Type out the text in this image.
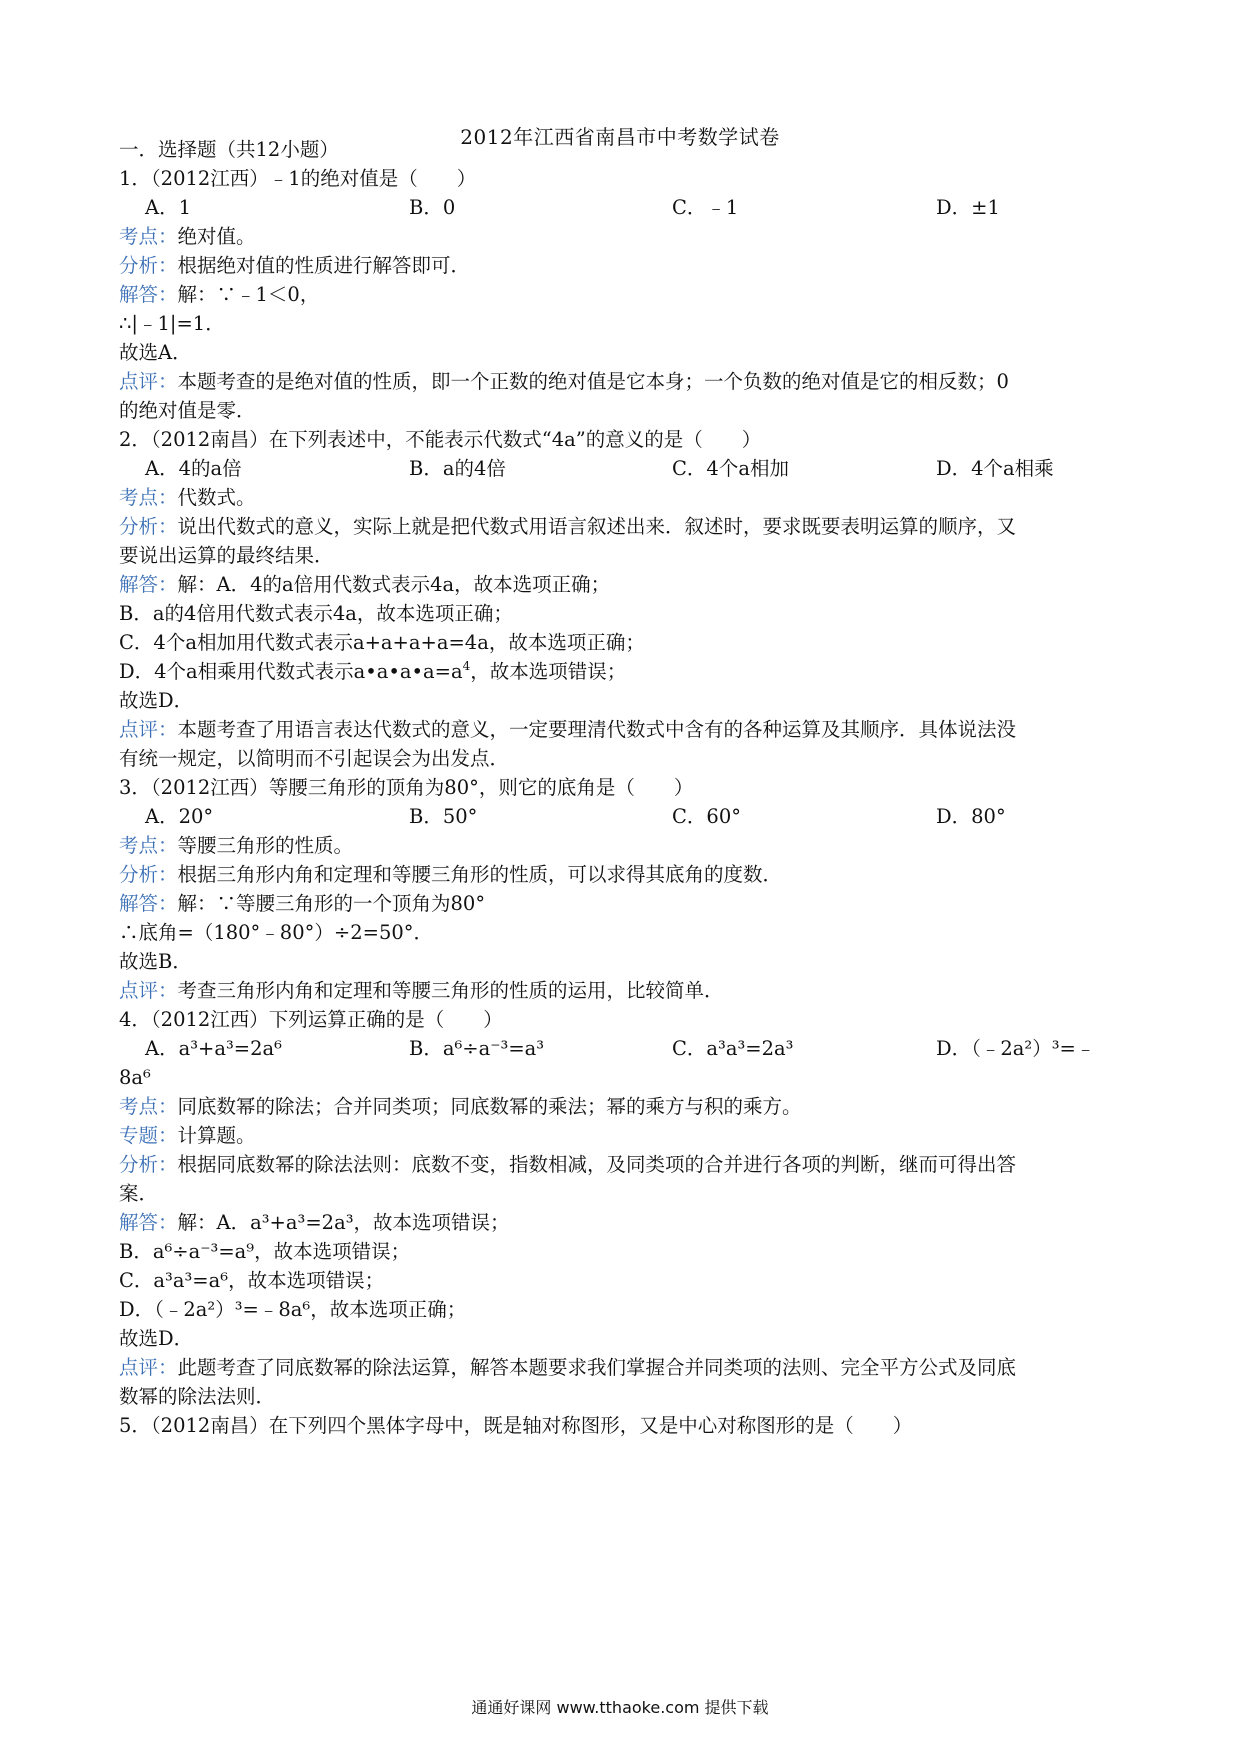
2012年江西省南昌市中考数学试卷
一．选择题（共12小题）
1．（2012江西）﹣1的绝对值是（　　）
A．1	B．0	C．﹣1	D．±1
考点：绝对值。
分析：根据绝对值的性质进行解答即可．
解答：解：∵﹣1＜0，
∴|﹣1|=1．
故选A．
点评：本题考查的是绝对值的性质，即一个正数的绝对值是它本身；一个负数的绝对值是它的相反数；0
的绝对值是零．
2．（2012南昌）在下列表述中，不能表示代数式“4a”的意义的是（　　）
A．4的a倍	B．a的4倍	C．4个a相加	D．4个a相乘
考点：代数式。
分析：说出代数式的意义，实际上就是把代数式用语言叙述出来．叙述时，要求既要表明运算的顺序，又
要说出运算的最终结果．
解答：解：A．4的a倍用代数式表示4a，故本选项正确；
B．a的4倍用代数式表示4a，故本选项正确；
C．4个a相加用代数式表示a+a+a+a=4a，故本选项正确；
D．4个a相乘用代数式表示$a•a•a•a=a^4$，故本选项错误；
故选D．
点评：本题考查了用语言表达代数式的意义，一定要理清代数式中含有的各种运算及其顺序．具体说法没
有统一规定，以简明而不引起误会为出发点．
3．（2012江西）等腰三角形的顶角为80°，则它的底角是（　　）
A．20°	B．50°	C．60°	D．80°
考点：等腰三角形的性质。
分析：根据三角形内角和定理和等腰三角形的性质，可以求得其底角的度数．
解答：解：∵等腰三角形的一个顶角为80°
∴底角=（180°﹣80°）÷2=50°．
故选B．
点评：考查三角形内角和定理和等腰三角形的性质的运用，比较简单．
4．（2012江西）下列运算正确的是（　　）
A．a³+a³=2a⁶	B．a⁶÷a⁻³=a³	C．a³a³=2a³	D．（﹣2a²）³=﹣
8a⁶
考点：同底数幂的除法；合并同类项；同底数幂的乘法；幂的乘方与积的乘方。
专题：计算题。
分析：根据同底数幂的除法法则：底数不变，指数相减，及同类项的合并进行各项的判断，继而可得出答
案．
解答：解：A．a³+a³=2a³，故本选项错误；
B．a⁶÷a⁻³=a⁹，故本选项错误；
C．a³a³=a⁶，故本选项错误；
D．（﹣2a²）³=﹣8a⁶，故本选项正确；
故选D．
点评：此题考查了同底数幂的除法运算，解答本题要求我们掌握合并同类项的法则、完全平方公式及同底
数幂的除法法则．
5．（2012南昌）在下列四个黑体字母中，既是轴对称图形，又是中心对称图形的是（　　）
通通好课网 www.tthaoke.com 提供下载
